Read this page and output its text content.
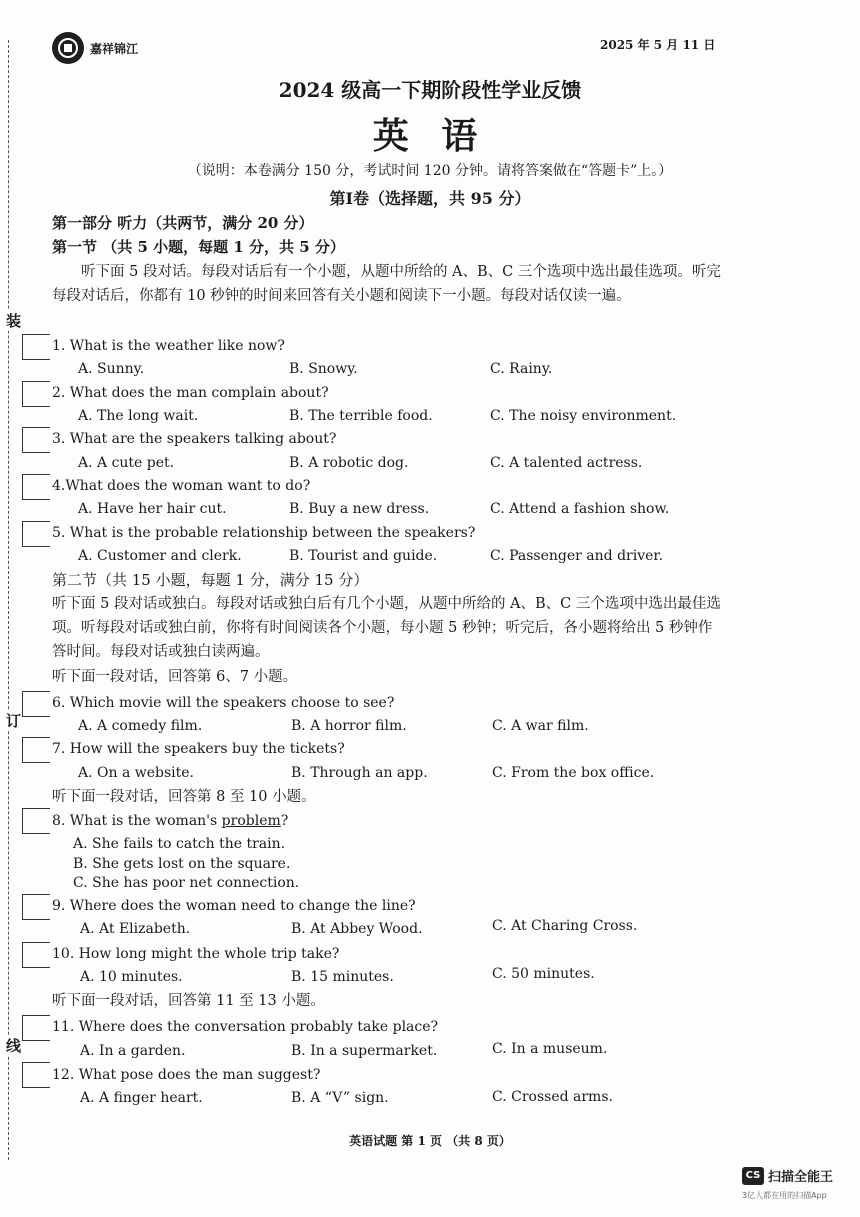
装
订
线
嘉祥锦江	2025 年 5 月 11 日
2024 级高一下期阶段性学业反馈
英 语
（说明：本卷满分 150 分，考试时间 120 分钟。请将答案做在“答题卡”上。）
第Ⅰ卷（选择题，共 95 分）
第一部分 听力（共两节，满分 20 分）
第一节 （共 5 小题，每题 1 分，共 5 分）
听下面 5 段对话。每段对话后有一个小题，从题中所给的 A、B、C 三个选项中选出最佳选项。听完每段对话后，你都有 10 秒钟的时间来回答有关小题和阅读下一小题。每段对话仅读一遍。
1. What is the weather like now?
A. Sunny.	B. Snowy.	C. Rainy.
2. What does the man complain about?
A. The long wait.	B. The terrible food.	C. The noisy environment.
3. What are the speakers talking about?
A. A cute pet.	B. A robotic dog.	C. A talented actress.
4.What does the woman want to do?
A. Have her hair cut.	B. Buy a new dress.	C. Attend a fashion show.
5. What is the probable relationship between the speakers?
A. Customer and clerk.	B. Tourist and guide.	C. Passenger and driver.
第二节（共 15 小题，每题 1 分，满分 15 分）
听下面 5 段对话或独白。每段对话或独白后有几个小题，从题中所给的 A、B、C 三个选项中选出最佳选项。听每段对话或独白前，你将有时间阅读各个小题，每小题 5 秒钟；听完后，各小题将给出 5 秒钟作答时间。每段对话或独白读两遍。
听下面一段对话，回答第 6、7 小题。
6. Which movie will the speakers choose to see?
A. A comedy film.	B. A horror film.	C. A war film.
7. How will the speakers buy the tickets?
A. On a website.	B. Through an app.	C. From the box office.
听下面一段对话，回答第 8 至 10 小题。
8. What is the woman's problem?
A. She fails to catch the train.
B. She gets lost on the square.
C. She has poor net connection.
9. Where does the woman need to change the line?
A. At Elizabeth.	B. At Abbey Wood.	C. At Charing Cross.
10. How long might the whole trip take?
A. 10 minutes.	B. 15 minutes.	C. 50 minutes.
听下面一段对话，回答第 11 至 13 小题。
11. Where does the conversation probably take place?
A. In a garden.	B. In a supermarket.	C. In a museum.
12. What pose does the man suggest?
A. A finger heart.	B. A “V” sign.	C. Crossed arms.
英语试题 第 1 页 （共 8 页）
CS 扫描全能王
3亿人都在用的扫描App
